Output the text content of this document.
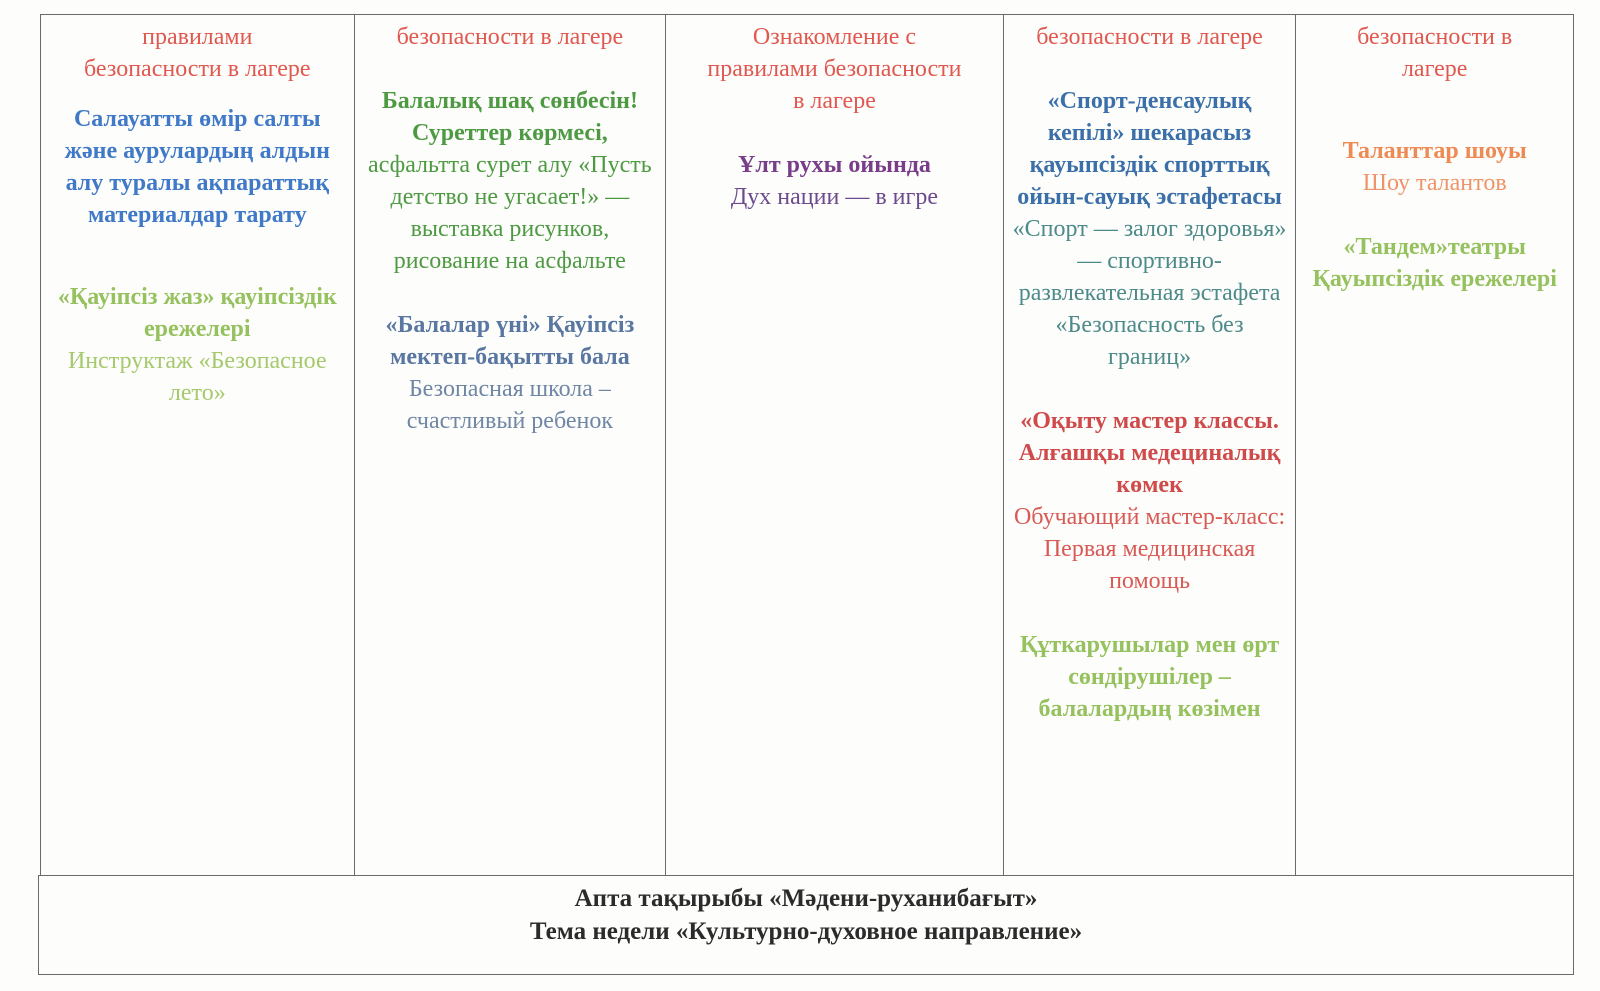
правилами
безопасности в лагере
Салауатты өмір салты және аурулардың алдын алу туралы ақпараттық материалдар тарату
«Қауіпсіз жаз» қауіпсіздік ережелері
Инструктаж «Безопасное лето»
безопасности в лагере
Балалық шақ сөнбесін! Суреттер көрмесі, асфальтта сурет алу «Пусть детство не угасает!» — выставка рисунков, рисование на асфальте
«Балалар үні» Қауіпсіз мектеп-бақытты бала
Безопасная школа – счастливый ребенок
Ознакомление с
правилами безопасности
в лагере
Ұлт рухы ойында
Дух нации — в игре
безопасности в лагере
«Спорт-денсаулық кепілі» шекарасыз қауыпсіздік спорттық ойын-сауық эстафетасы
«Спорт — залог здоровья» — спортивно-развлекательная эстафета «Безопасность без границ»
«Оқыту мастер классы. Алғашқы медециналық көмек
Обучающий мастер-класс: Первая медицинская помощь
Құткарушылар мен өрт сөндірушілер – балалардың көзімен
безопасности в
лагере
Таланттар шоуы
Шоу талантов
«Тандем»театры Қауыпсіздік ережелері
Апта тақырыбы «Мәдени-руханибағыт»
Тема недели «Культурно-духовное направление»
